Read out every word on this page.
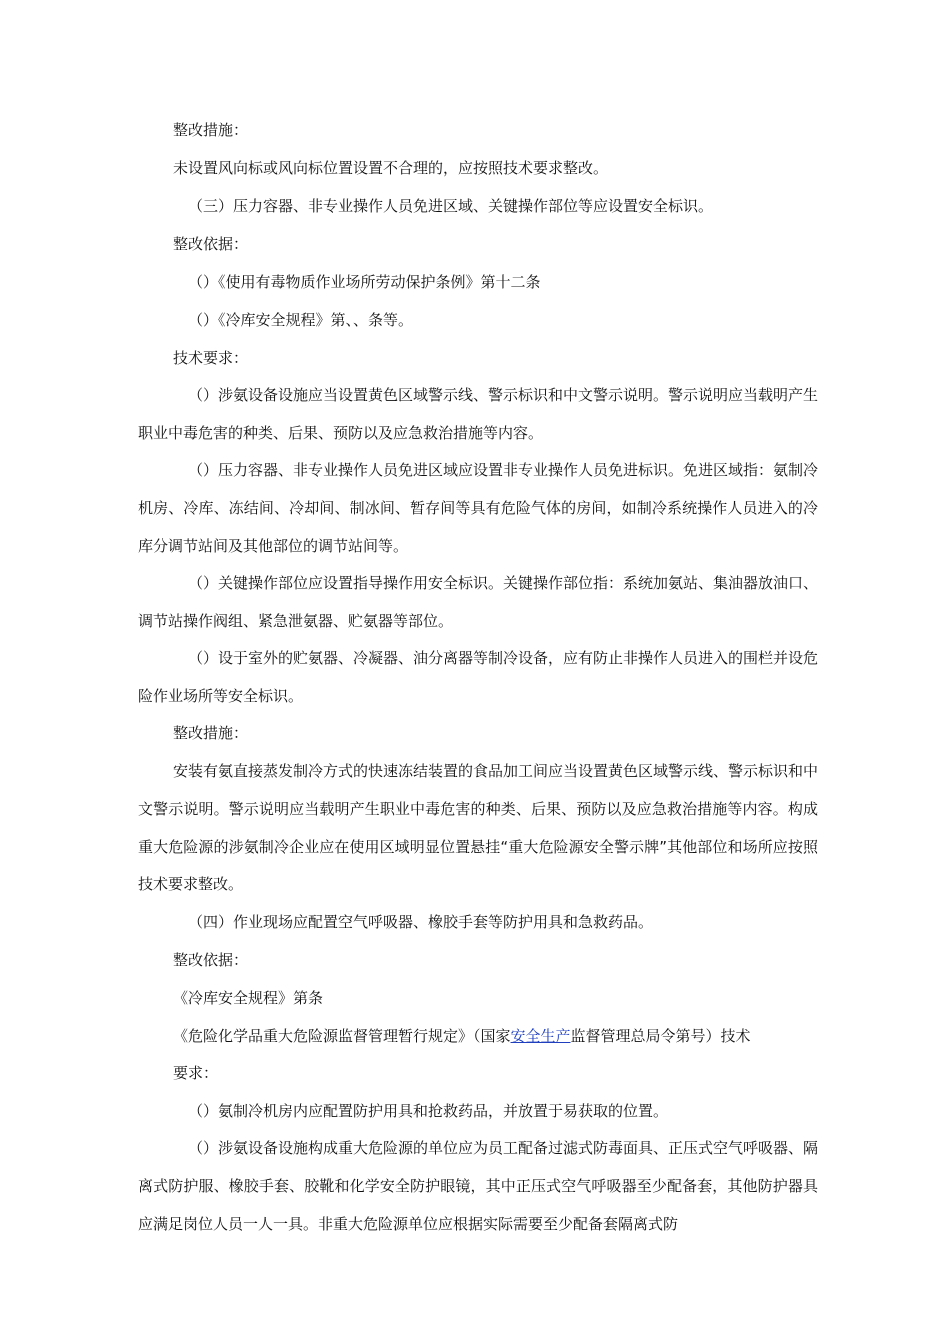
整改措施：

未设置风向标或风向标位置设置不合理的，应按照技术要求整改。

（三）压力容器、非专业操作人员免进区域、关键操作部位等应设置安全标识。

整改依据：

（）《使用有毒物质作业场所劳动保护条例》第十二条

（）《冷库安全规程》第、、条等。

技术要求：

（）涉氨设备设施应当设置黄色区域警示线、警示标识和中文警示说明。警示说明应当载明产生职业中毒危害的种类、后果、预防以及应急救治措施等内容。

（）压力容器、非专业操作人员免进区域应设置非专业操作人员免进标识。免进区域指：氨制冷机房、冷库、冻结间、冷却间、制冰间、暂存间等具有危险气体的房间，如制冷系统操作人员进入的冷库分调节站间及其他部位的调节站间等。

（）关键操作部位应设置指导操作用安全标识。关键操作部位指：系统加氨站、集油器放油口、调节站操作阀组、紧急泄氨器、贮氨器等部位。

（）设于室外的贮氨器、冷凝器、油分离器等制冷设备，应有防止非操作人员进入的围栏并设危险作业场所等安全标识。

整改措施：

安装有氨直接蒸发制冷方式的快速冻结装置的食品加工间应当设置黄色区域警示线、警示标识和中文警示说明。警示说明应当载明产生职业中毒危害的种类、后果、预防以及应急救治措施等内容。构成重大危险源的涉氨制冷企业应在使用区域明显位置悬挂“重大危险源安全警示牌”其他部位和场所应按照技术要求整改。

（四）作业现场应配置空气呼吸器、橡胶手套等防护用具和急救药品。

整改依据：

《冷库安全规程》第条

《危险化学品重大危险源监督管理暂行规定》（国家安全生产监督管理总局令第号）技术

要求：

（）氨制冷机房内应配置防护用具和抢救药品，并放置于易获取的位置。

（）涉氨设备设施构成重大危险源的单位应为员工配备过滤式防毒面具、正压式空气呼吸器、隔离式防护服、橡胶手套、胶靴和化学安全防护眼镜，其中正压式空气呼吸器至少配备套，其他防护器具应满足岗位人员一人一具。非重大危险源单位应根据实际需要至少配备套隔离式防
